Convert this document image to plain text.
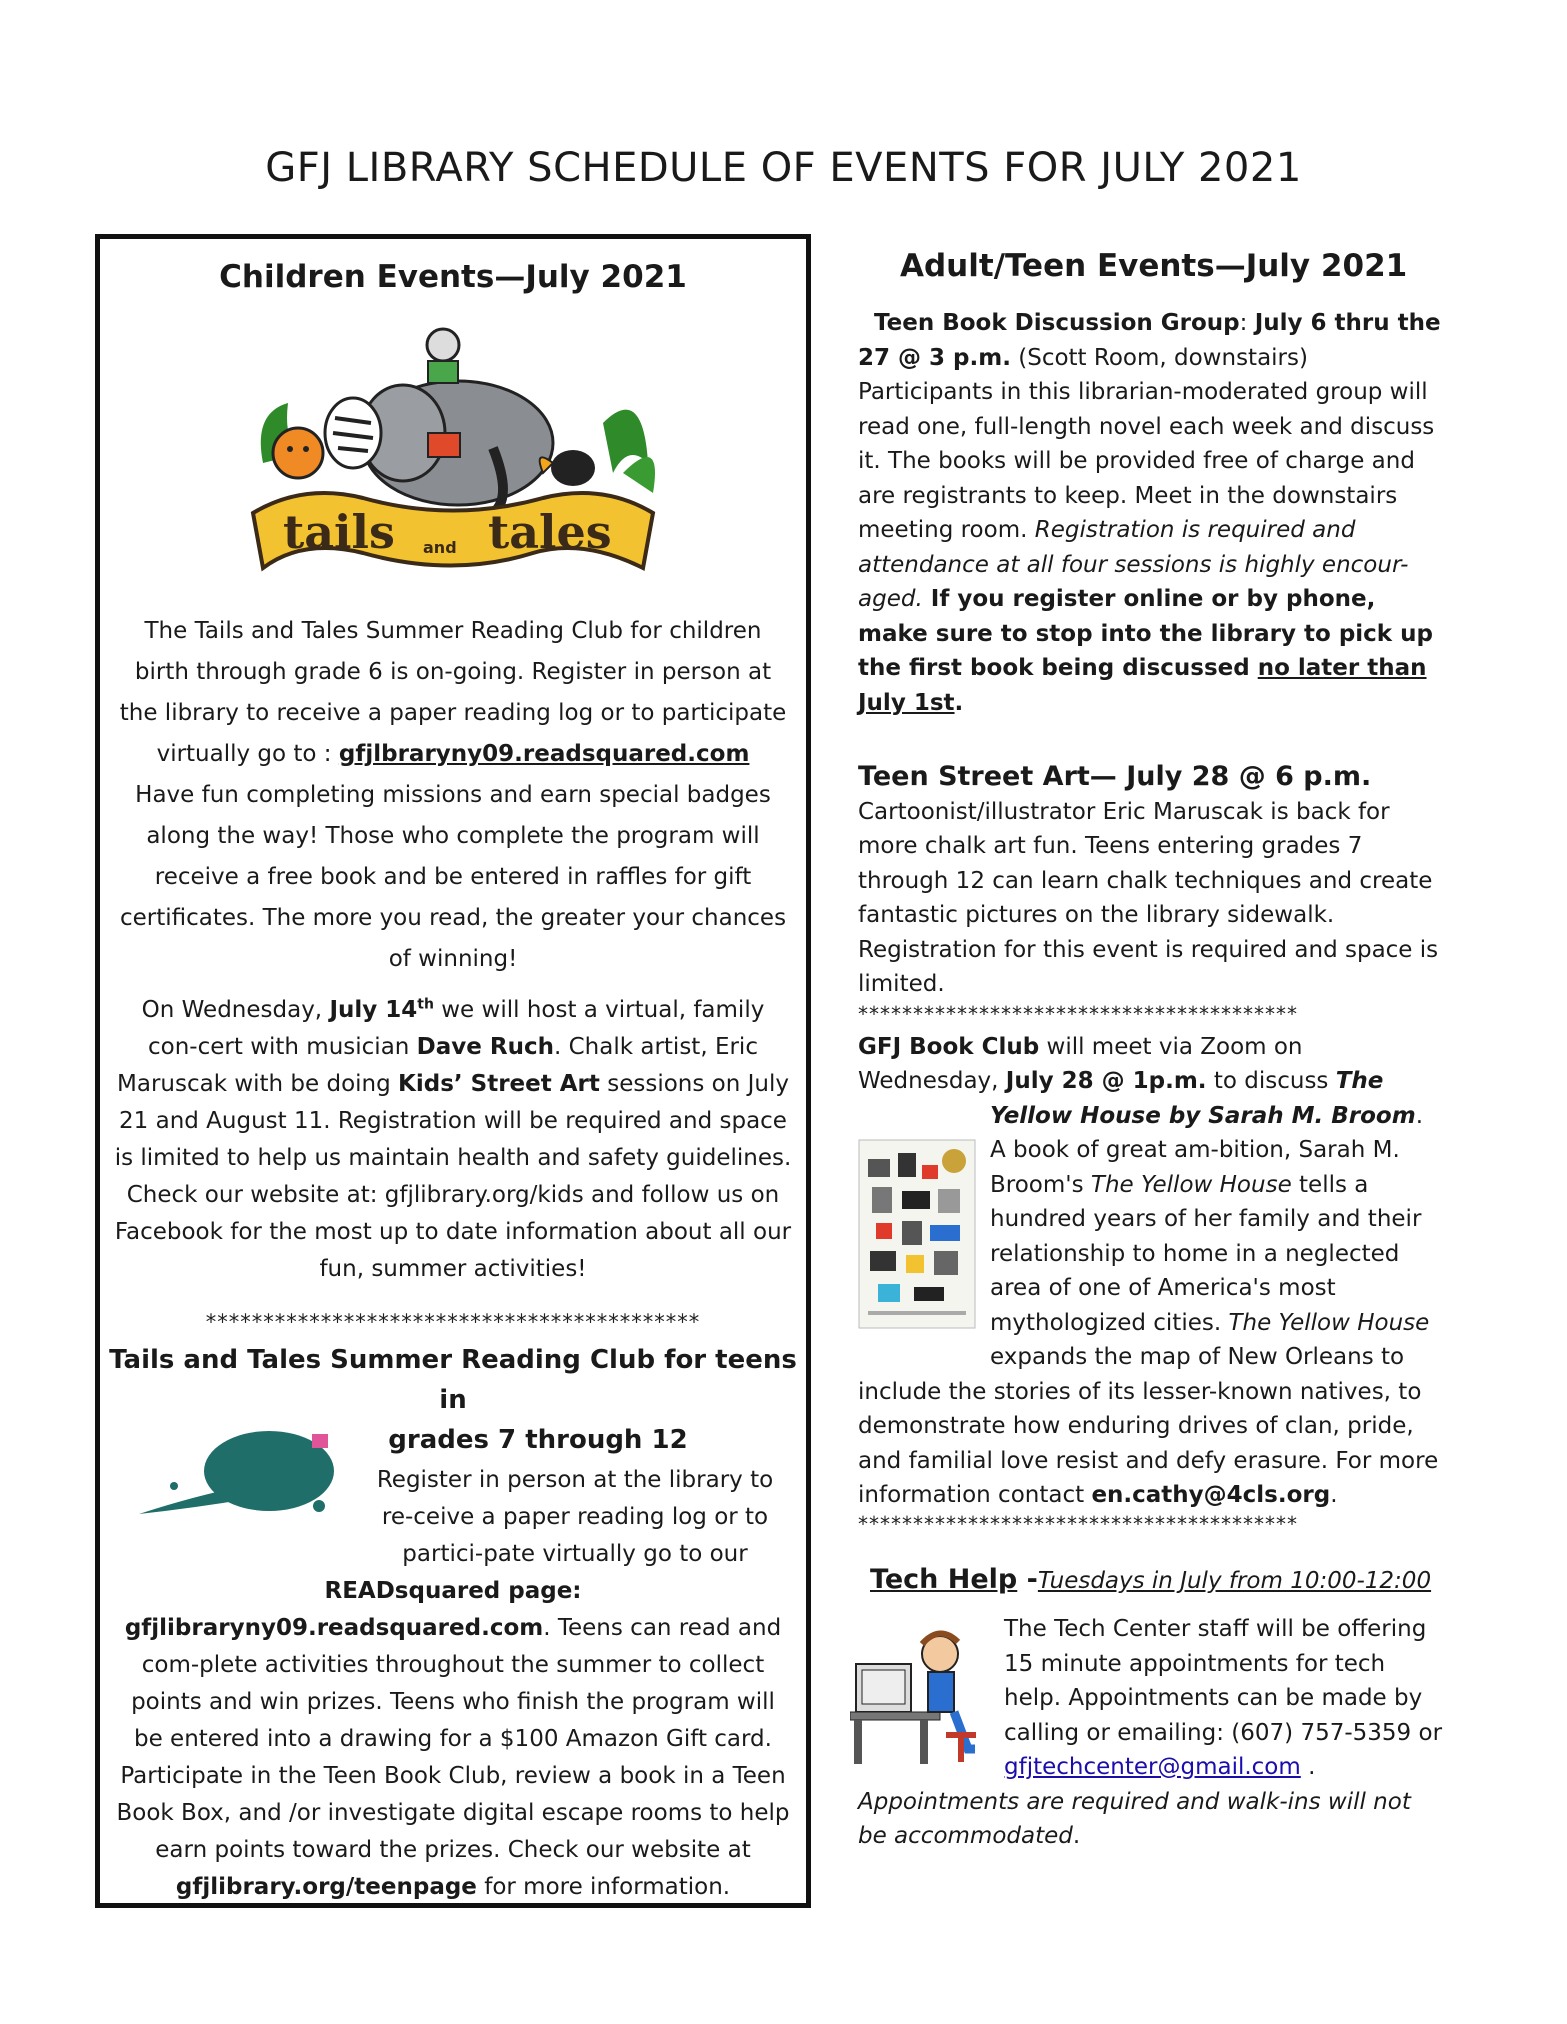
GFJ LIBRARY SCHEDULE OF EVENTS FOR JULY 2021
Children Events—July 2021
tails and tales
The Tails and Tales Summer Reading Club for children birth through grade 6 is on-going. Register in person at the library to receive a paper reading log or to participate virtually go to : gfjlbraryny09.readsquared.com
Have fun completing missions and earn special badges along the way! Those who complete the program will receive a free book and be entered in raffles for gift certificates. The more you read, the greater your chances of winning!
On Wednesday, July 14th we will host a virtual, family con-cert with musician Dave Ruch. Chalk artist, Eric Maruscak with be doing Kids’ Street Art sessions on July 21 and August 11. Registration will be required and space is limited to help us maintain health and safety guidelines. Check our website at: gfjlibrary.org/kids and follow us on Facebook for the most up to date information about all our fun, summer activities!
*******************************************
Tails and Tales Summer Reading Club for teens in
grades 7 through 12
Register in person at the library to re-ceive a paper reading log or to partici-pate virtually go to our READsquared page: gfjlibraryny09.readsquared.com. Teens can read and com-plete activities throughout the summer to collect points and win prizes. Teens who finish the program will be entered into a drawing for a $100 Amazon Gift card. Participate in the Teen Book Club, review a book in a Teen Book Box, and /or investigate digital escape rooms to help earn points toward the prizes. Check our website at gfjlibrary.org/teenpage for more information.
Adult/Teen Events—July 2021

Teen Book Discussion Group: July 6 thru the 27 @ 3 p.m. (Scott Room, downstairs) Participants in this librarian-moderated group will read one, full-length novel each week and discuss it. The books will be provided free of charge and are registrants to keep. Meet in the downstairs meeting room. Registration is required and attendance at all four sessions is highly encour-aged. If you register online or by phone, make sure to stop into the library to pick up the first book being discussed no later than July 1st.

Teen Street Art— July 28 @ 6 p.m.

Cartoonist/illustrator Eric Maruscak is back for more chalk art fun. Teens entering grades 7 through 12 can learn chalk techniques and create fantastic pictures on the library sidewalk. Registration for this event is required and space is limited.

****************************************

GFJ Book Club will meet via Zoom on Wednesday, July 28 @ 1p.m. to discuss
The Yellow House by Sarah M. Broom. A book of great am-bition, Sarah M. Broom's The Yellow House tells a hundred years of her family and their relationship to home in a neglected area of one of America's most mythologized cities. The Yellow House expands the map of New Orleans to include the stories of its lesser-known natives, to demonstrate how enduring drives of clan, pride, and familial love resist and defy erasure. For more information contact en.cathy@4cls.org.

****************************************
Tech Help -Tuesdays in July from 10:00-12:00

The Tech Center staff will be offering 15 minute appointments for tech help. Appointments can be made by calling or emailing: (607) 757-5359 or gfjtechcenter@gmail.com . Appointments are required and walk-ins will not be accommodated.
